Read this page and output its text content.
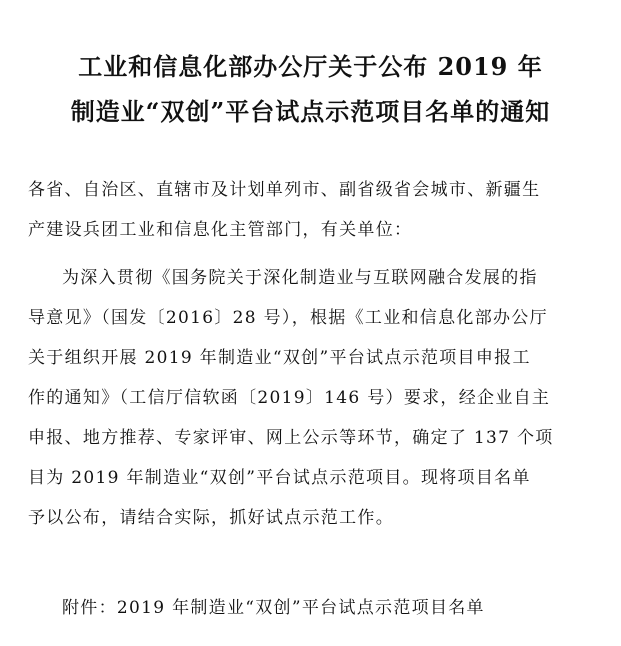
工业和信息化部办公厅关于公布 2019 年
制造业“双创”平台试点示范项目名单的通知
各省、自治区、直辖市及计划单列市、副省级省会城市、新疆生
产建设兵团工业和信息化主管部门，有关单位：
为深入贯彻《国务院关于深化制造业与互联网融合发展的指
导意见》（国发〔2016〕28 号），根据《工业和信息化部办公厅
关于组织开展 2019 年制造业“双创”平台试点示范项目申报工
作的通知》（工信厅信软函〔2019〕146 号）要求，经企业自主
申报、地方推荐、专家评审、网上公示等环节，确定了 137 个项
目为 2019 年制造业“双创”平台试点示范项目。现将项目名单
予以公布，请结合实际，抓好试点示范工作。
附件：2019 年制造业“双创”平台试点示范项目名单
